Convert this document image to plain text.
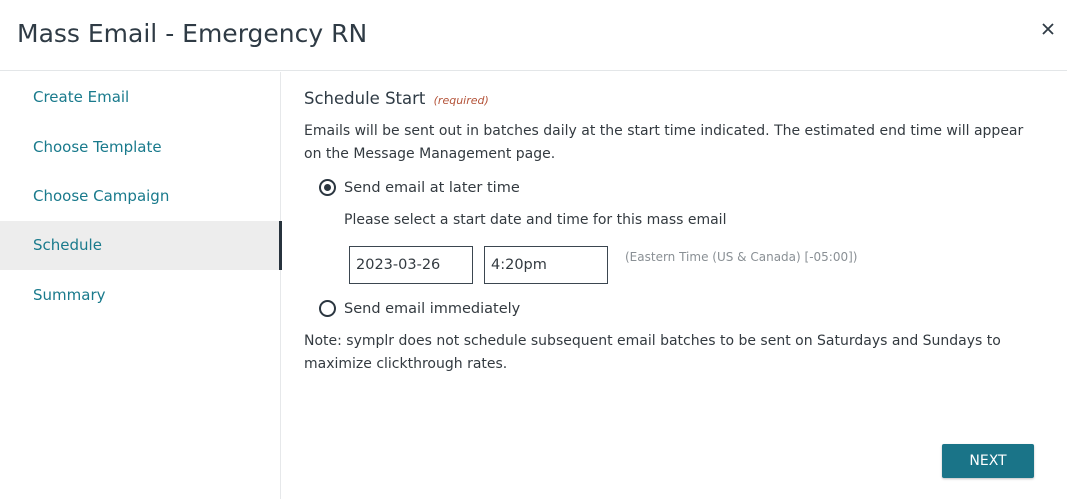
Mass Email - Emergency RN
Create Email
Choose Template
Choose Campaign
Schedule
Summary
Schedule Start (required)
Emails will be sent out in batches daily at the start time indicated. The estimated end time will appear on the Message Management page.
Send email at later time
Please select a start date and time for this mass email
2023-03-26
4:20pm
(Eastern Time (US & Canada) [-05:00])
Send email immediately
Note: symplr does not schedule subsequent email batches to be sent on Saturdays and Sundays to maximize clickthrough rates.
NEXT
